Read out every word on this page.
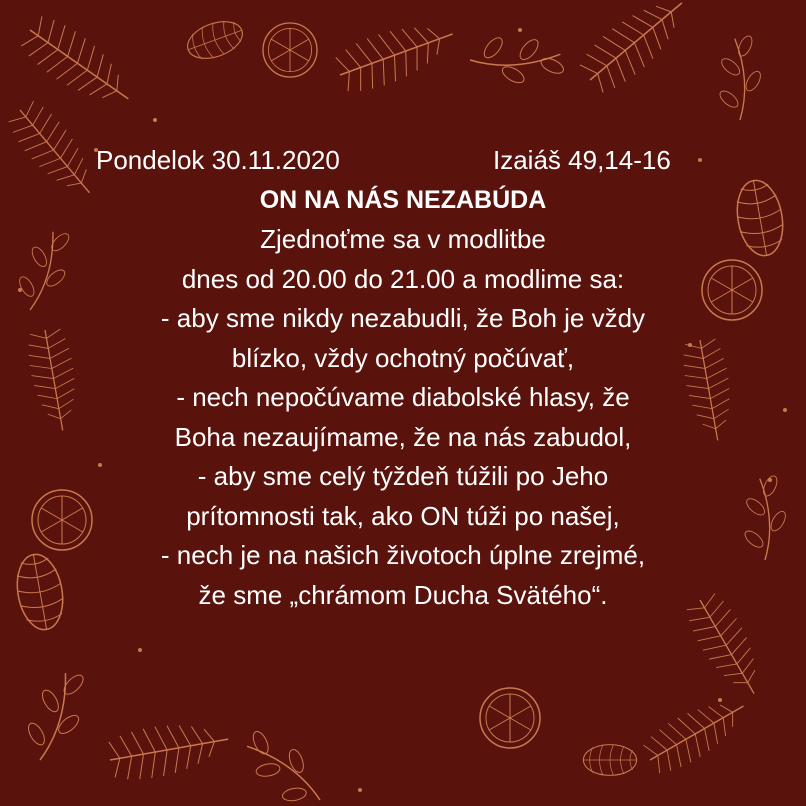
Pondelok 30.11.2020	Izaiáš 49,14-16
ON NA NÁS NEZABÚDA
Zjednoťme sa v modlitbe
dnes od 20.00 do 21.00 a modlime sa:
- aby sme nikdy nezabudli, že Boh je vždy
blízko, vždy ochotný počúvať,
- nech nepočúvame diabolské hlasy, že
Boha nezaujímame, že na nás zabudol,
- aby sme celý týždeň túžili po Jeho
prítomnosti tak, ako ON túži po našej,
- nech je na našich životoch úplne zrejmé,
že sme „chrámom Ducha Svätého“.
